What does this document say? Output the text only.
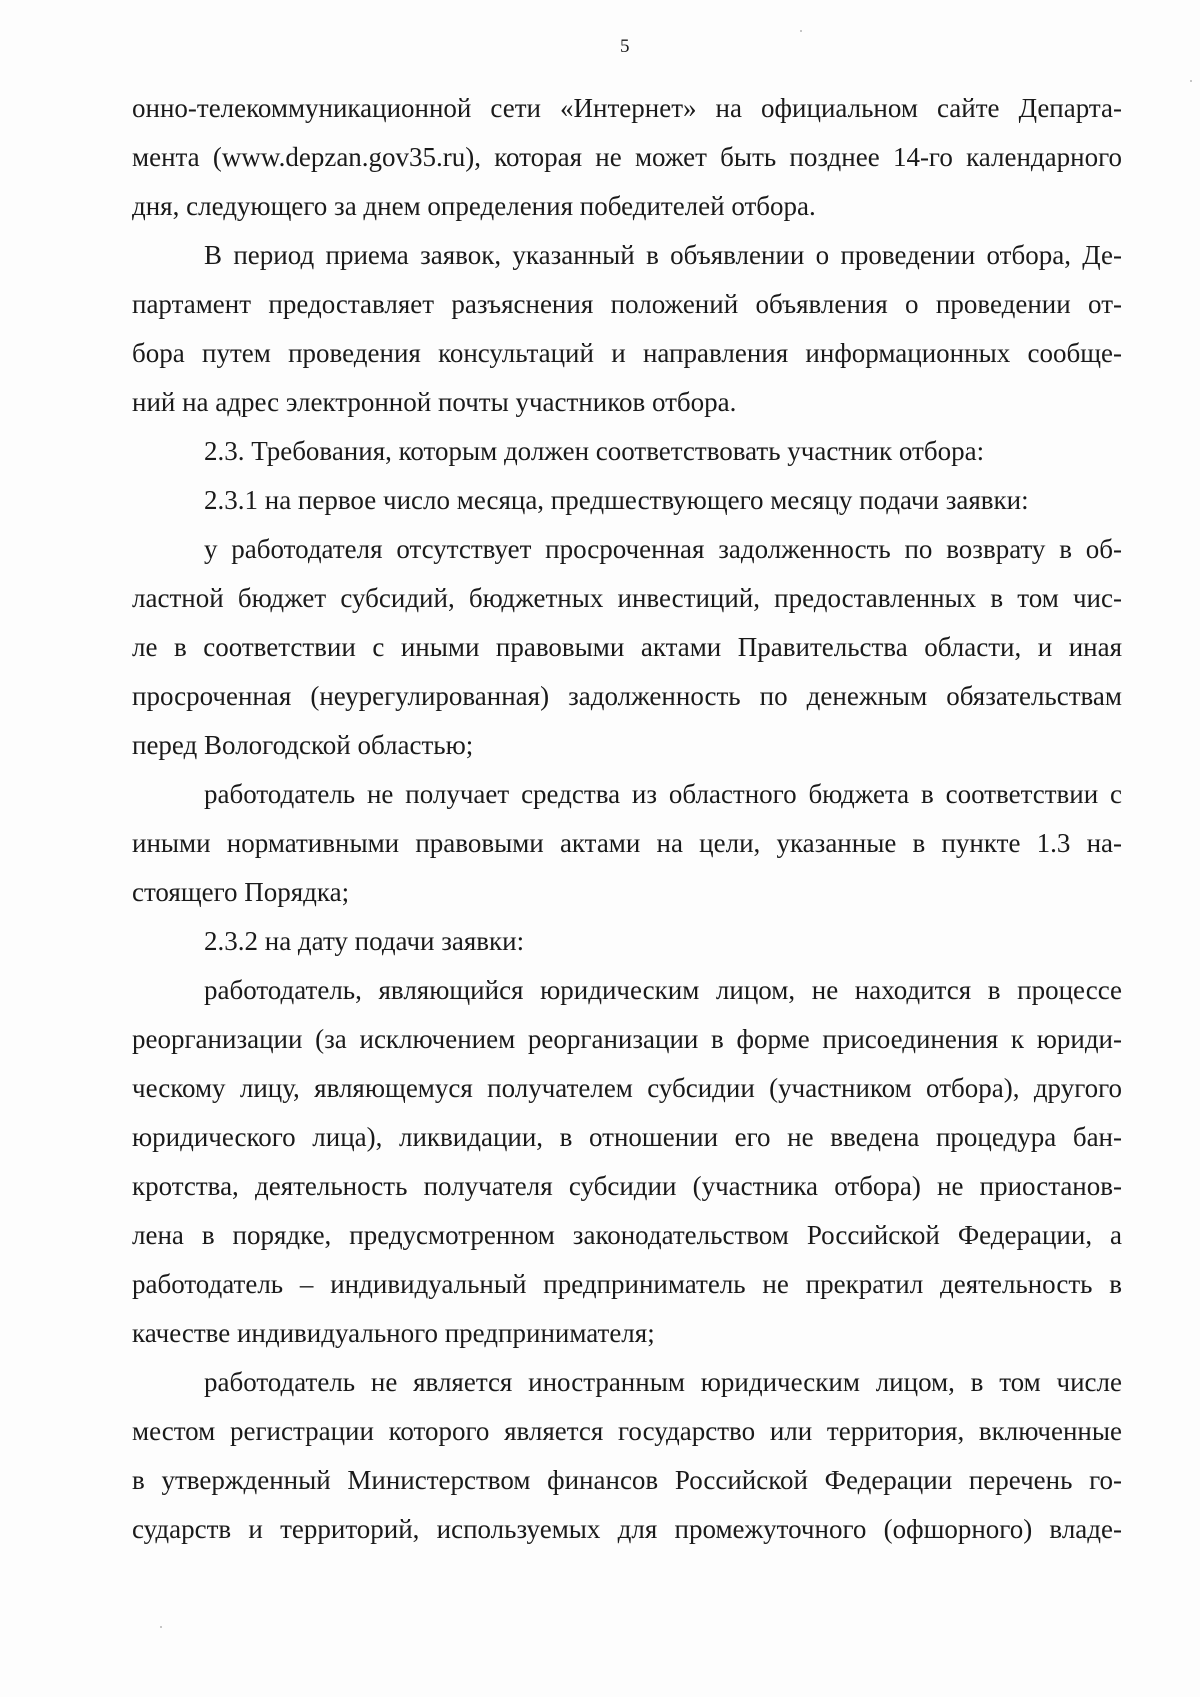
5
онно-телекоммуникационной сети «Интернет» на официальном сайте Департа-
мента (www.depzan.gov35.ru), которая не может быть позднее 14-го календарного
дня, следующего за днем определения победителей отбора.
В период приема заявок, указанный в объявлении о проведении отбора, Де-
партамент предоставляет разъяснения положений объявления о проведении от-
бора путем проведения консультаций и направления информационных сообще-
ний на адрес электронной почты участников отбора.
2.3. Требования, которым должен соответствовать участник отбора:
2.3.1 на первое число месяца, предшествующего месяцу подачи заявки:
у работодателя отсутствует просроченная задолженность по возврату в об-
ластной бюджет субсидий, бюджетных инвестиций, предоставленных в том чис-
ле в соответствии с иными правовыми актами Правительства области, и иная
просроченная (неурегулированная) задолженность по денежным обязательствам
перед Вологодской областью;
работодатель не получает средства из областного бюджета в соответствии с
иными нормативными правовыми актами на цели, указанные в пункте 1.3 на-
стоящего Порядка;
2.3.2 на дату подачи заявки:
работодатель, являющийся юридическим лицом, не находится в процессе
реорганизации (за исключением реорганизации в форме присоединения к юриди-
ческому лицу, являющемуся получателем субсидии (участником отбора), другого
юридического лица), ликвидации, в отношении его не введена процедура бан-
кротства, деятельность получателя субсидии (участника отбора) не приостанов-
лена в порядке, предусмотренном законодательством Российской Федерации, а
работодатель – индивидуальный предприниматель не прекратил деятельность в
качестве индивидуального предпринимателя;
работодатель не является иностранным юридическим лицом, в том числе
местом регистрации которого является государство или территория, включенные
в утвержденный Министерством финансов Российской Федерации перечень го-
сударств и территорий, используемых для промежуточного (офшорного) владе-
